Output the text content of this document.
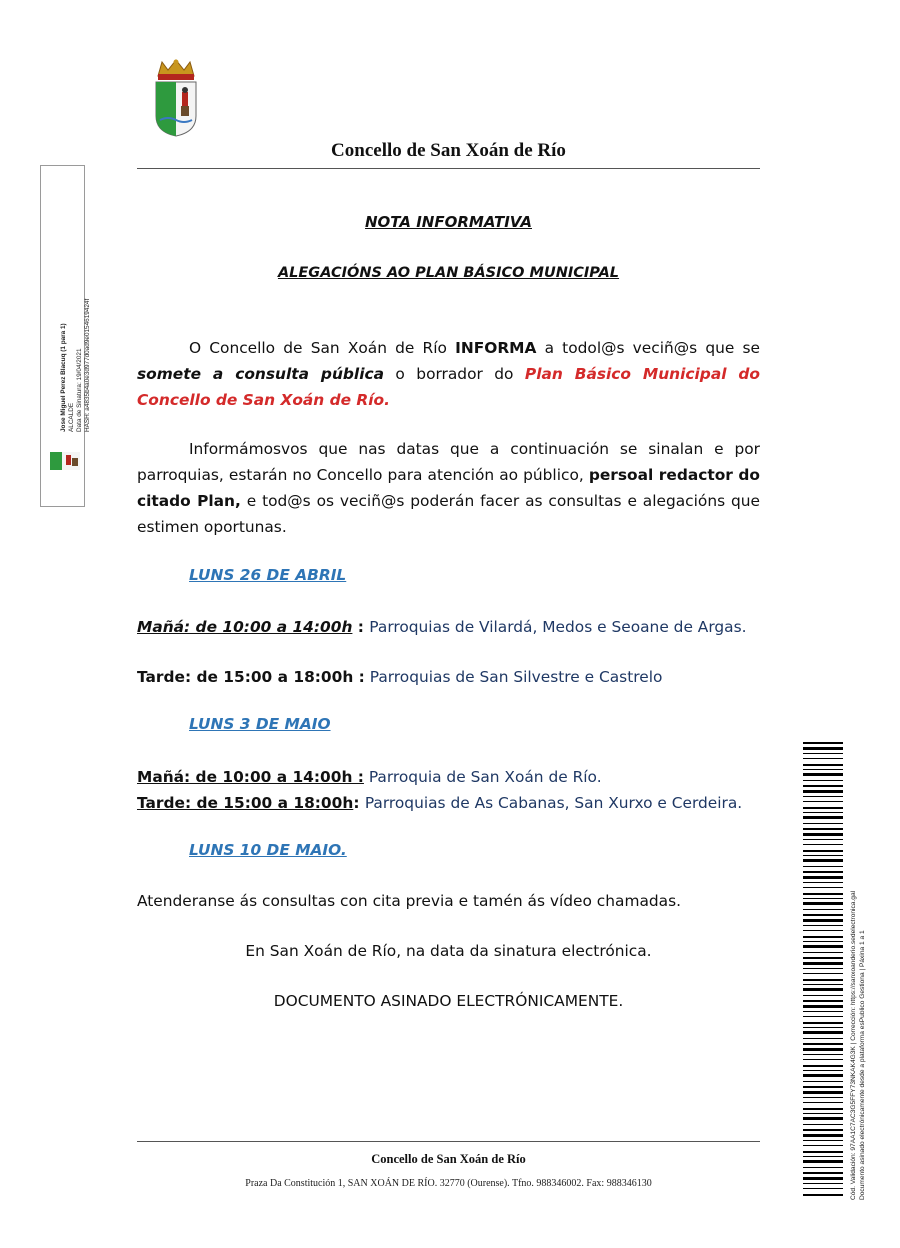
Concello de San Xoán de Río
Jose Miguel Perez Blacuq (1 para 1) ALCALDE Data de Sinatura: 19/04/2021 HASH: a4835b4a0e3d977d0ad9e0154619424f
NOTA INFORMATIVA
ALEGACIÓNS AO PLAN BÁSICO MUNICIPAL
O Concello de San Xoán de Río INFORMA a todol@s veciñ@s que se somete a consulta pública o borrador do Plan Básico Municipal do Concello de San Xoán de Río.
Informámosvos que nas datas que a continuación se sinalan e por parroquias, estarán no Concello para atención ao público, persoal redactor do citado Plan, e tod@s os veciñ@s poderán facer as consultas e alegacións que estimen oportunas.
LUNS 26 DE ABRIL
Mañá: de 10:00 a 14:00h : Parroquias de Vilardá, Medos e Seoane de Argas.
Tarde: de 15:00 a 18:00h : Parroquias de San Silvestre e Castrelo
LUNS 3 DE MAIO
Mañá: de 10:00 a 14:00h : Parroquia de San Xoán de Río.
Tarde: de 15:00 a 18:00h: Parroquias de As Cabanas, San Xurxo e Cerdeira.
LUNS 10 DE MAIO.
Atenderanse ás consultas con cita previa e tamén ás vídeo chamadas.
En San Xoán de Río, na data da sinatura electrónica.
DOCUMENTO ASINADO ELECTRÓNICAMENTE.
Concello de San Xoán de Río
Praza Da Constitución 1, SAN XOÁN DE RÍO. 32770 (Ourense). Tfno. 988346002. Fax: 988346130	Cód. Validación: 97AA1C7AC3G5FFY73NKAK4G3K | Corrección: https://sanxoanderio.sedelectronica.gal Documento asinado electrónicamente desde a plataforma esPublico Gestiona | Páxina 1 a 1
